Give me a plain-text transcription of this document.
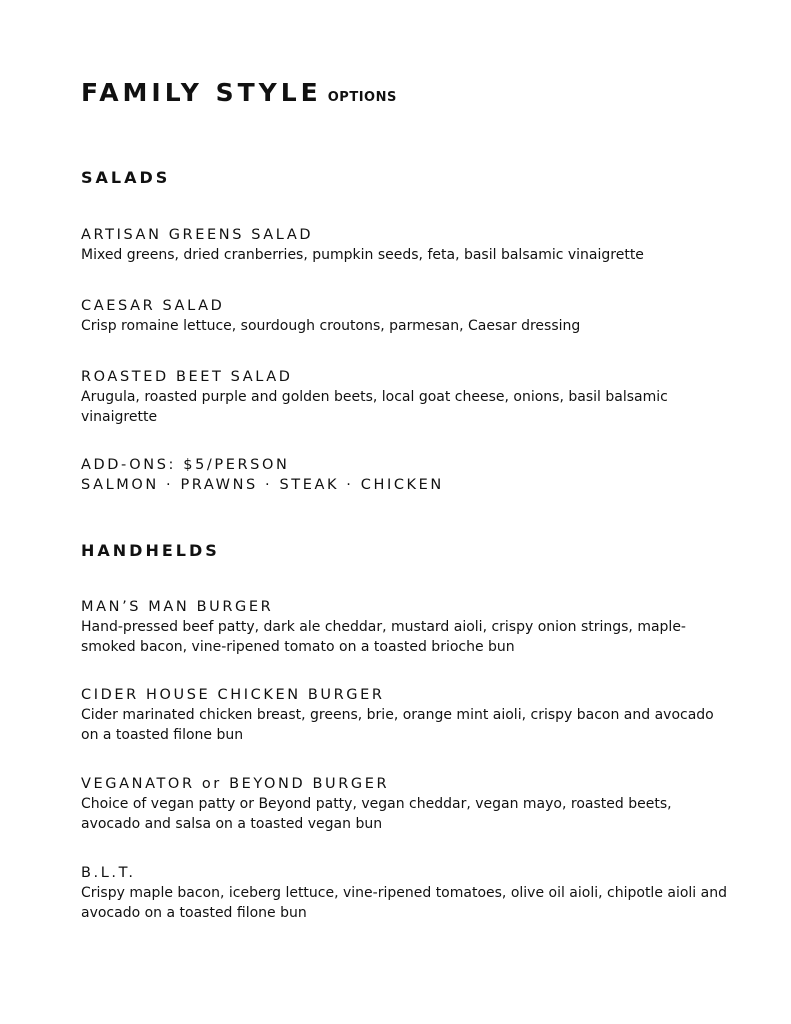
FAMILY STYLE OPTIONS
SALADS
ARTISAN GREENS SALAD
Mixed greens, dried cranberries, pumpkin seeds, feta, basil balsamic vinaigrette
CAESAR SALAD
Crisp romaine lettuce, sourdough croutons, parmesan, Caesar dressing
ROASTED BEET SALAD
Arugula, roasted purple and golden beets, local goat cheese, onions, basil balsamic vinaigrette
ADD-ONS: $5/PERSON
SALMON · PRAWNS · STEAK · CHICKEN
HANDHELDS
MAN’S MAN BURGER
Hand-pressed beef patty, dark ale cheddar, mustard aioli, crispy onion strings, maple-smoked bacon, vine-ripened tomato on a toasted brioche bun
CIDER HOUSE CHICKEN BURGER
Cider marinated chicken breast, greens, brie, orange mint aioli, crispy bacon and avocado on a toasted filone bun
VEGANATOR or BEYOND BURGER
Choice of vegan patty or Beyond patty, vegan cheddar, vegan mayo, roasted beets, avocado and salsa on a toasted vegan bun
B.L.T.
Crispy maple bacon, iceberg lettuce, vine-ripened tomatoes, olive oil aioli, chipotle aioli and avocado on a toasted filone bun
